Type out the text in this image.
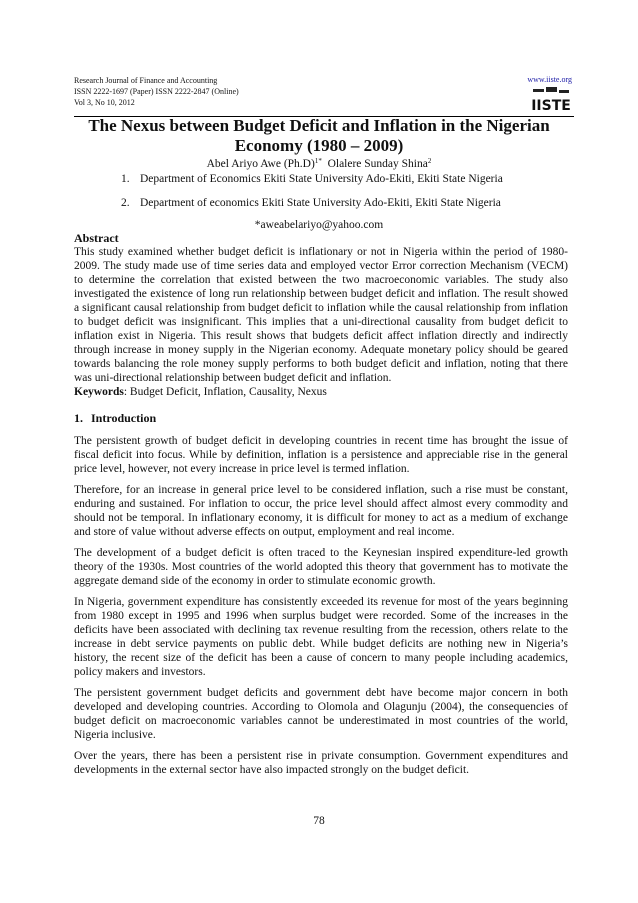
Research Journal of Finance and Accounting
ISSN 2222-1697 (Paper) ISSN 2222-2847 (Online)
Vol 3, No 10, 2012
www.iiste.org
IISTE
The Nexus between Budget Deficit and Inflation in the Nigerian
Economy (1980 – 2009)
Abel Ariyo Awe $(Ph.D)^{1*}$ Olalere Sunday Shina$^2$
1. Department of Economics Ekiti State University Ado-Ekiti, Ekiti State Nigeria
2. Department of economics Ekiti State University Ado-Ekiti, Ekiti State Nigeria
*aweabelariyo@yahoo.com
Abstract

This study examined whether budget deficit is inflationary or not in Nigeria within the period of 1980-2009. The study made use of time series data and employed vector Error correction Mechanism (VECM) to determine the correlation that existed between the two macroeconomic variables. The study also investigated the existence of long run relationship between budget deficit and inflation. The result showed a significant causal relationship from budget deficit to inflation while the causal relationship from inflation to budget deficit was insignificant. This implies that a uni-directional causality from budget deficit to inflation exist in Nigeria. This result shows that budgets deficit affect inflation directly and indirectly through increase in money supply in the Nigerian economy. Adequate monetary policy should be geared towards balancing the role money supply performs to both budget deficit and inflation, noting that there was uni-directional relationship between budget deficit and inflation.

Keywords: Budget Deficit, Inflation, Causality, Nexus
1. Introduction

The persistent growth of budget deficit in developing countries in recent time has brought the issue of fiscal deficit into focus. While by definition, inflation is a persistence and appreciable rise in the general price level, however, not every increase in price level is termed inflation.

Therefore, for an increase in general price level to be considered inflation, such a rise must be constant, enduring and sustained. For inflation to occur, the price level should affect almost every commodity and should not be temporal. In inflationary economy, it is difficult for money to act as a medium of exchange and store of value without adverse effects on output, employment and real income.

The development of a budget deficit is often traced to the Keynesian inspired expenditure-led growth theory of the 1930s. Most countries of the world adopted this theory that government has to motivate the aggregate demand side of the economy in order to stimulate economic growth.

In Nigeria, government expenditure has consistently exceeded its revenue for most of the years beginning from 1980 except in 1995 and 1996 when surplus budget were recorded. Some of the increases in the deficits have been associated with declining tax revenue resulting from the recession, others relate to the increase in debt service payments on public debt. While budget deficits are nothing new in Nigeria’s history, the recent size of the deficit has been a cause of concern to many people including academics, policy makers and investors.

The persistent government budget deficits and government debt have become major concern in both developed and developing countries. According to Olomola and Olagunju (2004), the consequencies of budget deficit on macroeconomic variables cannot be underestimated in most countries of the world, Nigeria inclusive.

Over the years, there has been a persistent rise in private consumption. Government expenditures and developments in the external sector have also impacted strongly on the budget deficit.

78
